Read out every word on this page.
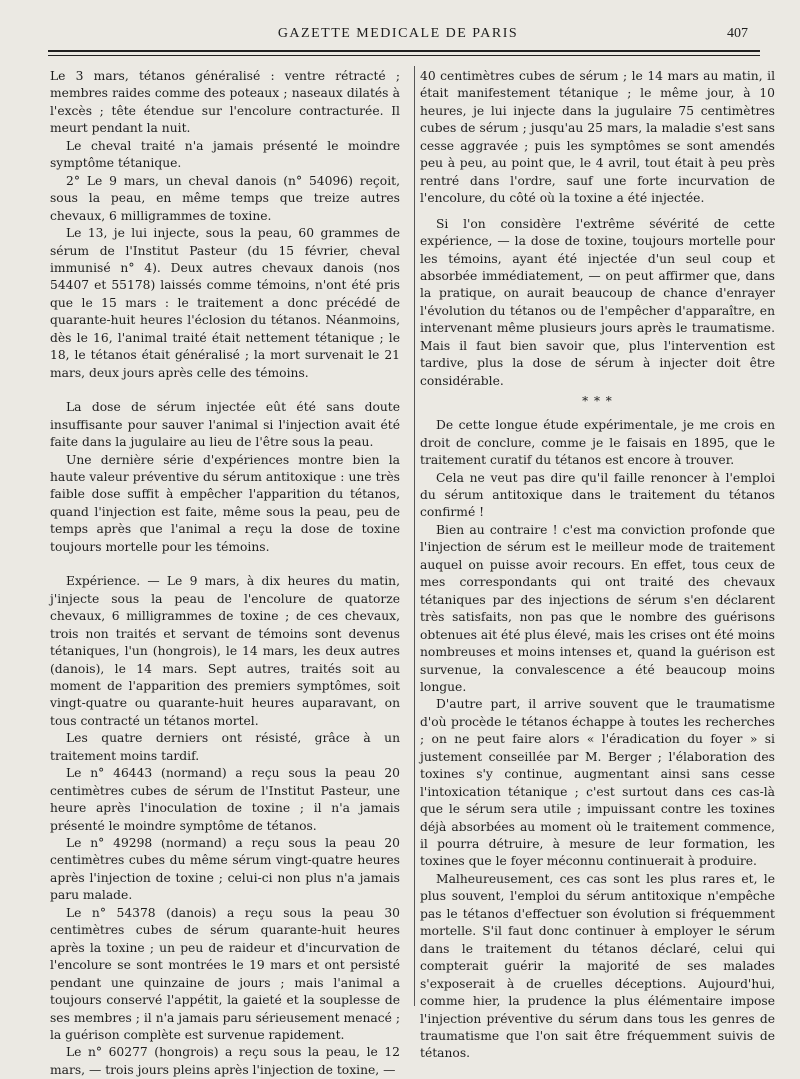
GAZETTE MEDICALE DE PARIS	407

Le 3 mars, tétanos généralisé : ventre rétracté ; membres raides comme des poteaux ; naseaux dilatés à l'excès ; tête étendue sur l'encolure contracturée. Il meurt pendant la nuit.

Le cheval traité n'a jamais présenté le moindre symptôme tétanique.

2° Le 9 mars, un cheval danois (n° 54096) reçoit, sous la peau, en même temps que treize autres chevaux, 6 milligrammes de toxine.

Le 13, je lui injecte, sous la peau, 60 grammes de sérum de l'Institut Pasteur (du 15 février, cheval immunisé n° 4). Deux autres chevaux danois (nos 54407 et 55178) laissés comme témoins, n'ont été pris que le 15 mars : le traitement a donc précédé de quarante-huit heures l'éclosion du tétanos. Néanmoins, dès le 16, l'animal traité était nettement tétanique ; le 18, le tétanos était généralisé ; la mort survenait le 21 mars, deux jours après celle des témoins.

La dose de sérum injectée eût été sans doute insuffisante pour sauver l'animal si l'injection avait été faite dans la jugulaire au lieu de l'être sous la peau.

Une dernière série d'expériences montre bien la haute valeur préventive du sérum antitoxique : une très faible dose suffit à empêcher l'apparition du tétanos, quand l'injection est faite, même sous la peau, peu de temps après que l'animal a reçu la dose de toxine toujours mortelle pour les témoins.

Expérience. — Le 9 mars, à dix heures du matin, j'injecte sous la peau de l'encolure de quatorze chevaux, 6 milligrammes de toxine ; de ces chevaux, trois non traités et servant de témoins sont devenus tétaniques, l'un (hongrois), le 14 mars, les deux autres (danois), le 14 mars. Sept autres, traités soit au moment de l'apparition des premiers symptômes, soit vingt-quatre ou quarante-huit heures auparavant, on tous contracté un tétanos mortel.

Les quatre derniers ont résisté, grâce à un traitement moins tardif.

Le n° 46443 (normand) a reçu sous la peau 20 centimètres cubes de sérum de l'Institut Pasteur, une heure après l'inoculation de toxine ; il n'a jamais présenté le moindre symptôme de tétanos.

Le n° 49298 (normand) a reçu sous la peau 20 centimètres cubes du même sérum vingt-quatre heures après l'injection de toxine ; celui-ci non plus n'a jamais paru malade.

Le n° 54378 (danois) a reçu sous la peau 30 centimètres cubes de sérum quarante-huit heures après la toxine ; un peu de raideur et d'incurvation de l'encolure se sont montrées le 19 mars et ont persisté pendant une quinzaine de jours ; mais l'animal a toujours conservé l'appétit, la gaieté et la souplesse de ses membres ; il n'a jamais paru sérieusement menacé ; la guérison complète est survenue rapidement.

Le n° 60277 (hongrois) a reçu sous la peau, le 12 mars, — trois jours pleins après l'injection de toxine, —

40 centimètres cubes de sérum ; le 14 mars au matin, il était manifestement tétanique ; le même jour, à 10 heures, je lui injecte dans la jugulaire 75 centimètres cubes de sérum ; jusqu'au 25 mars, la maladie s'est sans cesse aggravée ; puis les symptômes se sont amendés peu à peu, au point que, le 4 avril, tout était à peu près rentré dans l'ordre, sauf une forte incurvation de l'encolure, du côté où la toxine a été injectée.

Si l'on considère l'extrême sévérité de cette expérience, — la dose de toxine, toujours mortelle pour les témoins, ayant été injectée d'un seul coup et absorbée immédiatement, — on peut affirmer que, dans la pratique, on aurait beaucoup de chance d'enrayer l'évolution du tétanos ou de l'empêcher d'apparaître, en intervenant même plusieurs jours après le traumatisme. Mais il faut bien savoir que, plus l'intervention est tardive, plus la dose de sérum à injecter doit être considérable.

* * *

De cette longue étude expérimentale, je me crois en droit de conclure, comme je le faisais en 1895, que le traitement curatif du tétanos est encore à trouver.

Cela ne veut pas dire qu'il faille renoncer à l'emploi du sérum antitoxique dans le traitement du tétanos confirmé !

Bien au contraire ! c'est ma conviction profonde que l'injection de sérum est le meilleur mode de traitement auquel on puisse avoir recours. En effet, tous ceux de mes correspondants qui ont traité des chevaux tétaniques par des injections de sérum s'en déclarent très satisfaits, non pas que le nombre des guérisons obtenues ait été plus élevé, mais les crises ont été moins nombreuses et moins intenses et, quand la guérison est survenue, la convalescence a été beaucoup moins longue.

D'autre part, il arrive souvent que le traumatisme d'où procède le tétanos échappe à toutes les recherches ; on ne peut faire alors « l'éradication du foyer » si justement conseillée par M. Berger ; l'élaboration des toxines s'y continue, augmentant ainsi sans cesse l'intoxication tétanique ; c'est surtout dans ces cas-là que le sérum sera utile ; impuissant contre les toxines déjà absorbées au moment où le traitement commence, il pourra détruire, à mesure de leur formation, les toxines que le foyer méconnu continuerait à produire.

Malheureusement, ces cas sont les plus rares et, le plus souvent, l'emploi du sérum antitoxique n'empêche pas le tétanos d'effectuer son évolution si fréquemment mortelle. S'il faut donc continuer à employer le sérum dans le traitement du tétanos déclaré, celui qui compterait guérir la majorité de ses malades s'exposerait à de cruelles déceptions. Aujourd'hui, comme hier, la prudence la plus élémentaire impose l'injection préventive du sérum dans tous les genres de traumatisme que l'on sait être fréquemment suivis de tétanos.
